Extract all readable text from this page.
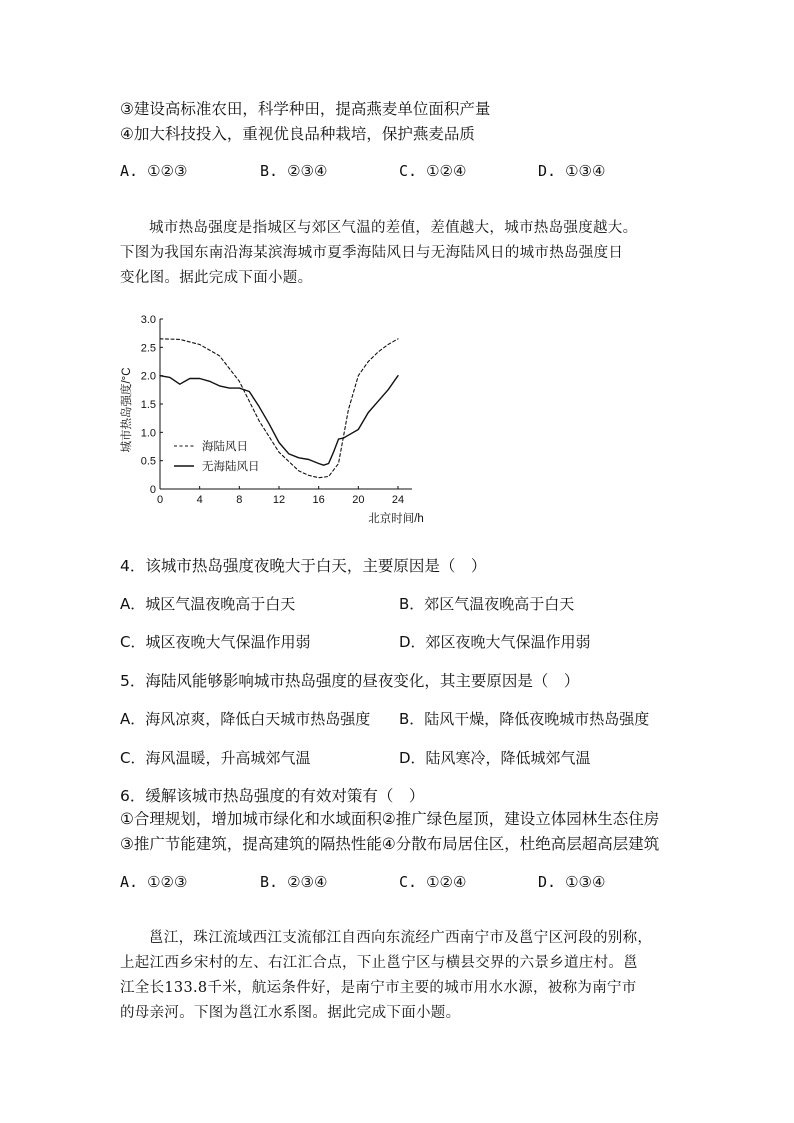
③建设高标准农田，科学种田，提高燕麦单位面积产量
④加大科技投入，重视优良品种栽培，保护燕麦品质
A. ①②③	B. ②③④	C. ①②④	D. ①③④
城市热岛强度是指城区与郊区气温的差值，差值越大，城市热岛强度越大。
下图为我国东南沿海某滨海城市夏季海陆风日与无海陆风日的城市热岛强度日
变化图。据此完成下面小题。
0	4	8	12 16 20 24
0
0.5
1.0
1.5
2.0
2.5
3.0
北京时间/h
城市热岛强度/°C	海陆风日
无海陆风日
4．该城市热岛强度夜晚大于白天，主要原因是（　）
A．城区气温夜晚高于白天	B．郊区气温夜晚高于白天
C．城区夜晚大气保温作用弱	D．郊区夜晚大气保温作用弱
5．海陆风能够影响城市热岛强度的昼夜变化，其主要原因是（　）
A．海风凉爽，降低白天城市热岛强度 B．陆风干燥，降低夜晚城市热岛强度
C．海风温暖，升高城郊气温	D．陆风寒冷，降低城郊气温
6．缓解该城市热岛强度的有效对策有（　）
①合理规划，增加城市绿化和水域面积②推广绿色屋顶，建设立体园林生态住房
③推广节能建筑，提高建筑的隔热性能④分散布局居住区，杜绝高层超高层建筑
A. ①②③	B. ②③④	C. ①②④	D. ①③④
邕江，珠江流域西江支流郁江自西向东流经广西南宁市及邕宁区河段的别称，
上起江西乡宋村的左、右江汇合点，下止邕宁区与横县交界的六景乡道庄村。邕
江全长133.8千米，航运条件好，是南宁市主要的城市用水水源，被称为南宁市
的母亲河。下图为邕江水系图。据此完成下面小题。
